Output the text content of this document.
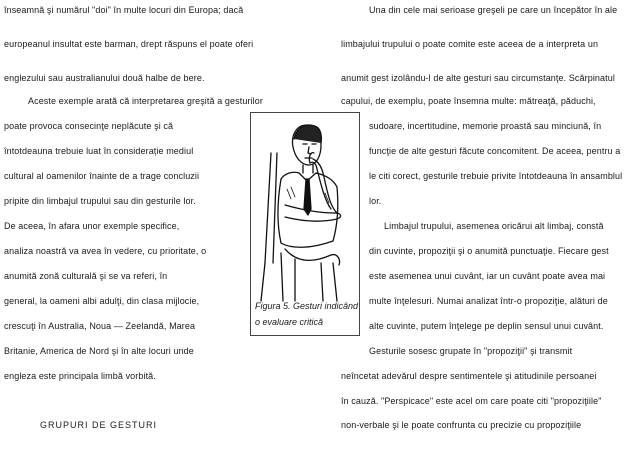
înseamnă şi numărul "doi" în multe locuri din Europa; dacă
europeanul insultat este barman, drept răspuns el poate oferi
englezului sau australianului două halbe de bere.
Aceste exemple arată că interpretarea greşită a gesturilor
poate provoca consecinţe neplăcute şi că
întotdeauna trebuie luat în considerație mediul
cultural al oamenilor înainte de a trage concluzii
pripite din limbajul trupului sau din gesturile lor.
De aceea, în afara unor exemple specifice,
analiza noastră va avea în vedere, cu prioritate, o
anumită zonă culturală şi se va referi, în
general, la oameni albi adulţi, din clasa mijlocie,
crescuţi în Australia, Noua — Zeelandă, Marea
Britanie, America de Nord şi în alte locuri unde
engleza este principala limbă vorbită.
GRUPURI DE GESTURI
Figura 5. Gesturi indicând
o evaluare critică
Una din cele mai serioase greşeli pe care un începător în ale
limbajului trupului o poate comite este aceea de a interpreta un
anumit gest izolându-l de alte gesturi sau circumstanţe. Scărpinatul
capului, de exemplu, poate însemna multe: mătreaţă, păduchi,
sudoare, incertitudine, memorie proastă sau minciună, în
funcţie de alte gesturi făcute concomitent. De aceea, pentru a
le citi corect, gesturile trebuie privite întotdeauna în ansamblul
lor.
Limbajul trupului, asemenea oricărui alt limbaj, constă
din cuvinte, propoziţii şi o anumită punctuaţie. Fiecare gest
este asemenea unui cuvânt, iar un cuvânt poate avea mai
multe înţelesuri. Numai analizat într-o propoziţie, alături de
alte cuvinte, putem înţelege pe deplin sensul unui cuvânt.
Gesturile sosesc grupate în "propoziţii" şi transmit
neîncetat adevărul despre sentimentele şi atitudinile persoanei
în cauză. "Perspicace" este acel om care poate citi "propoziţiile"
non-verbale şi le poate confrunta cu precizie cu propoziţiile
